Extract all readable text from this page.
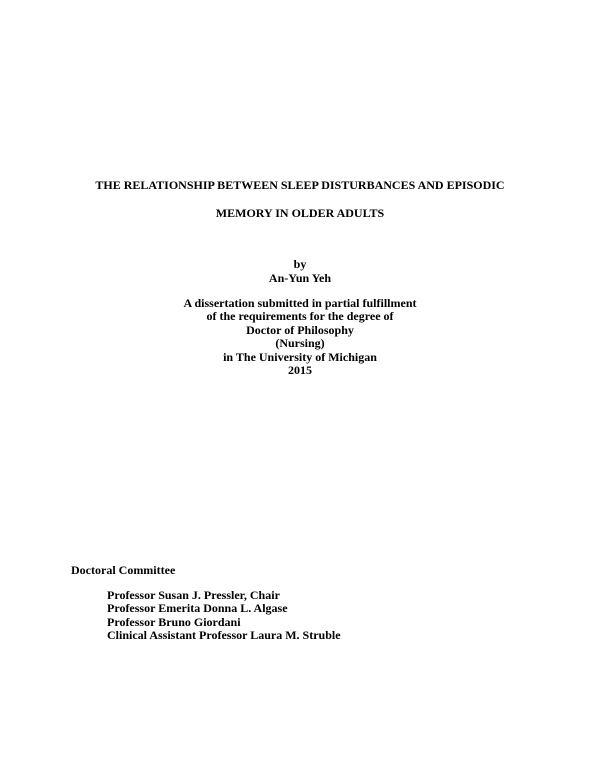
THE RELATIONSHIP BETWEEN SLEEP DISTURBANCES AND EPISODIC
MEMORY IN OLDER ADULTS
by
An-Yun Yeh
A dissertation submitted in partial fulfillment
of the requirements for the degree of
Doctor of Philosophy
(Nursing)
in The University of Michigan
2015
Doctoral Committee
Professor Susan J. Pressler, Chair
Professor Emerita Donna L. Algase
Professor Bruno Giordani
Clinical Assistant Professor Laura M. Struble
